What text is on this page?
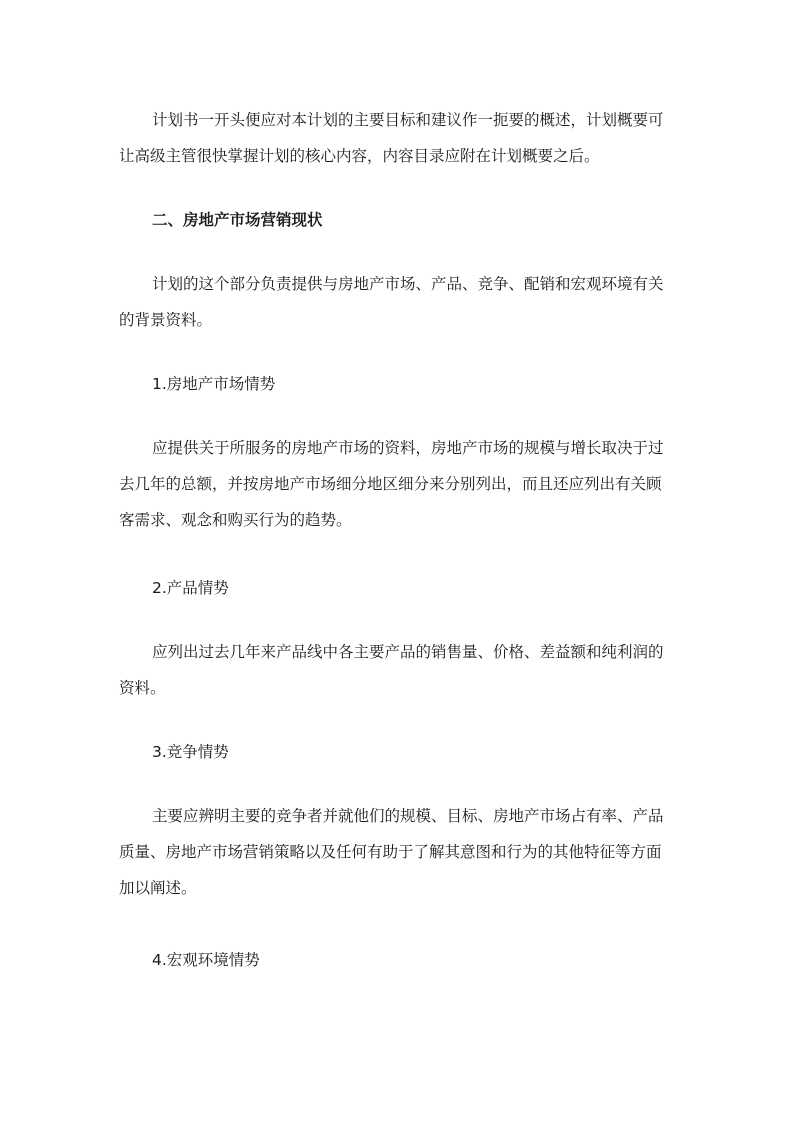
计划书一开头便应对本计划的主要目标和建议作一扼要的概述，计划概要可
让高级主管很快掌握计划的核心内容，内容目录应附在计划概要之后。
二、房地产市场营销现状
计划的这个部分负责提供与房地产市场、产品、竞争、配销和宏观环境有关
的背景资料。
1.房地产市场情势
应提供关于所服务的房地产市场的资料，房地产市场的规模与增长取决于过
去几年的总额，并按房地产市场细分地区细分来分别列出，而且还应列出有关顾
客需求、观念和购买行为的趋势。
2.产品情势
应列出过去几年来产品线中各主要产品的销售量、价格、差益额和纯利润的
资料。
3.竞争情势
主要应辨明主要的竞争者并就他们的规模、目标、房地产市场占有率、产品
质量、房地产市场营销策略以及任何有助于了解其意图和行为的其他特征等方面
加以阐述。
4.宏观环境情势
